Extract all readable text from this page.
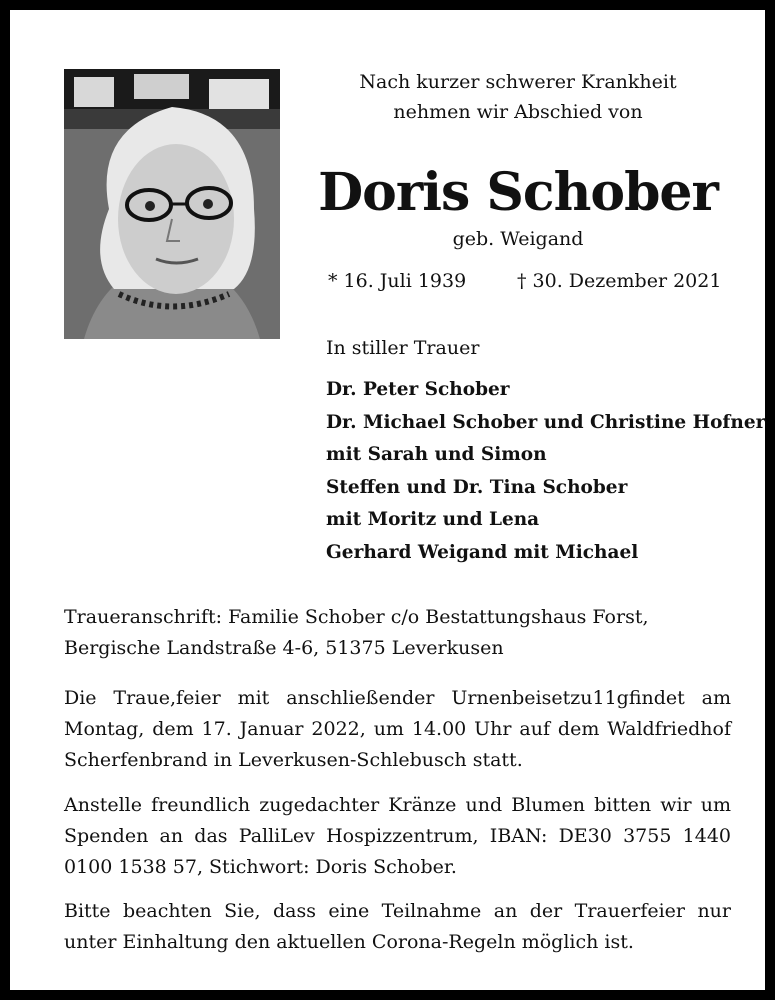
Nach kurzer schwerer Krankheit
nehmen wir Abschied von
Doris Schober
geb. Weigand
* 16. Juli 1939	† 30. Dezember 2021
In stiller Trauer
Dr. Peter Schober
Dr. Michael Schober und Christine Hofner
mit Sarah und Simon
Steffen und Dr. Tina Schober
mit Moritz und Lena
Gerhard Weigand mit Michael
Traueranschrift: Familie Schober c/o Bestattungshaus Forst,
Bergische Landstraße 4-6, 51375 Leverkusen

Die Traue,feier mit anschließender Urnenbeisetzu11gfindet am Montag, dem 17. Januar 2022, um 14.00 Uhr auf dem Waldfriedhof Scherfenbrand in Leverkusen-Schlebusch statt.

Anstelle freundlich zugedachter Kränze und Blumen bitten wir um Spenden an das PalliLev Hospizzentrum, IBAN: DE30 3755 1440 0100 1538 57, Stichwort: Doris Schober.

Bitte beachten Sie, dass eine Teilnahme an der Trauerfeier nur unter Einhaltung den aktuellen Corona-Regeln möglich ist.
